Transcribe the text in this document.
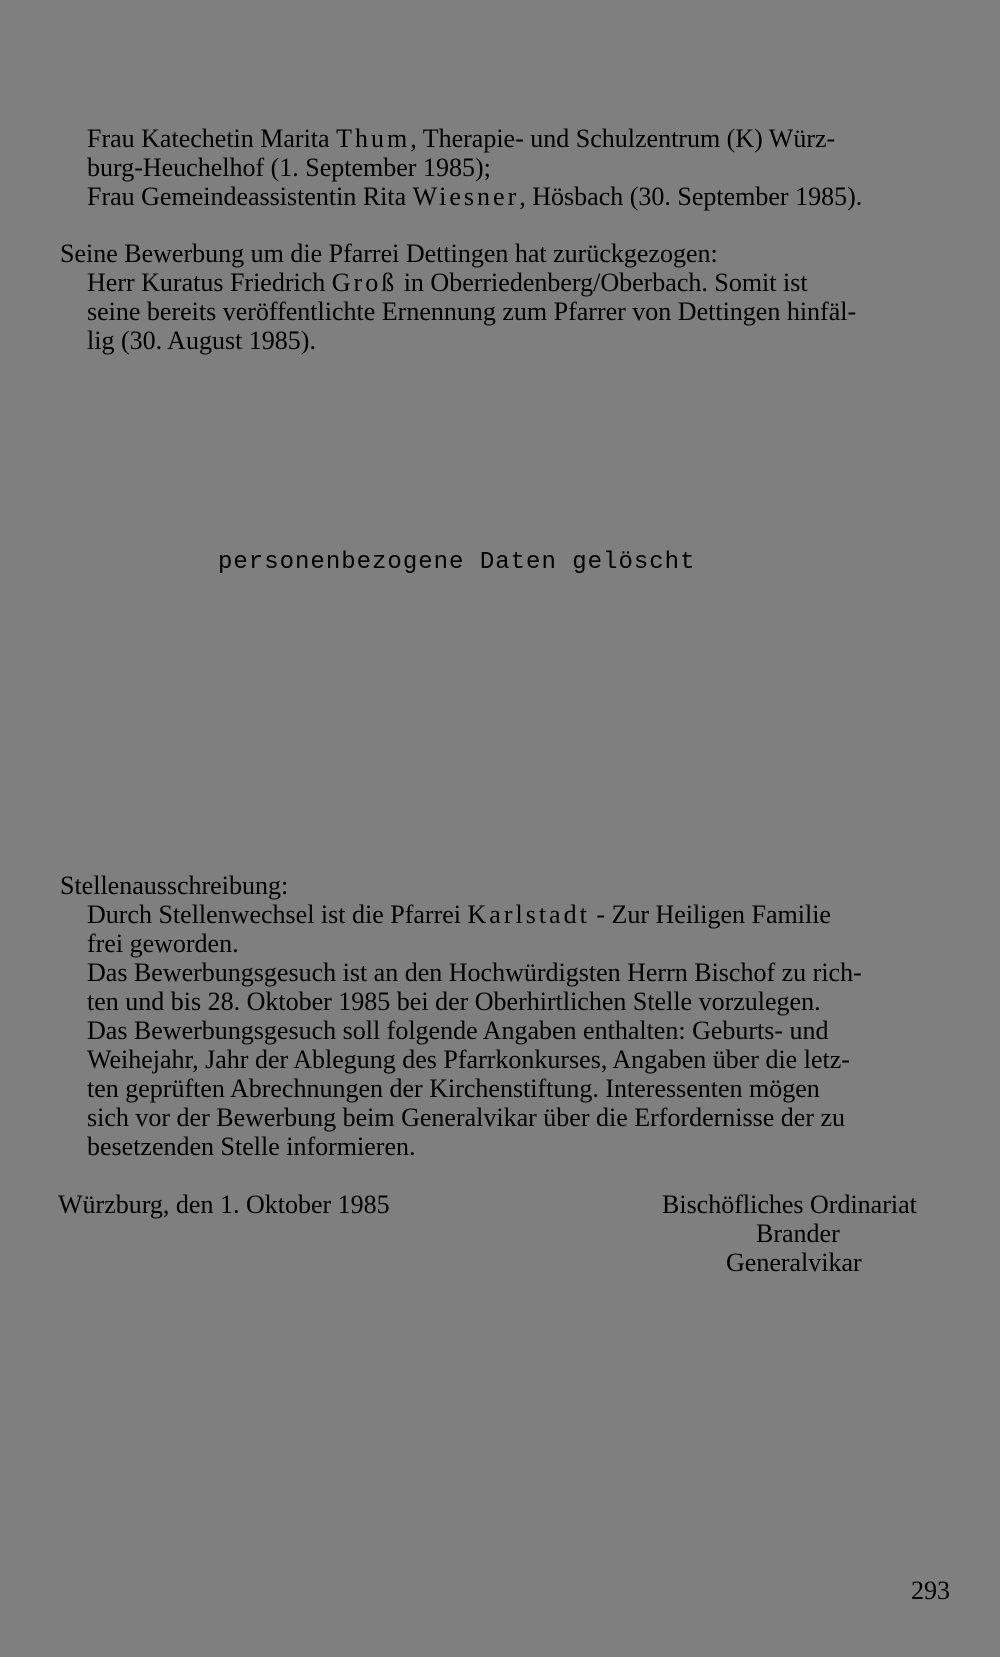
Frau Katechetin Marita Thum, Therapie- und Schulzentrum (K) Würz-
burg-Heuchelhof (1. September 1985);
Frau Gemeindeassistentin Rita Wiesner, Hösbach (30. September 1985).
Seine Bewerbung um die Pfarrei Dettingen hat zurückgezogen:
Herr Kuratus Friedrich Groß in Oberriedenberg/Oberbach. Somit ist
seine bereits veröffentlichte Ernennung zum Pfarrer von Dettingen hinfäl-
lig (30. August 1985).
personenbezogene Daten gelöscht
Stellenausschreibung:
Durch Stellenwechsel ist die Pfarrei Karlstadt - Zur Heiligen Familie
frei geworden.
Das Bewerbungsgesuch ist an den Hochwürdigsten Herrn Bischof zu rich-
ten und bis 28. Oktober 1985 bei der Oberhirtlichen Stelle vorzulegen.
Das Bewerbungsgesuch soll folgende Angaben enthalten: Geburts- und
Weihejahr, Jahr der Ablegung des Pfarrkonkurses, Angaben über die letz-
ten geprüften Abrechnungen der Kirchenstiftung. Interessenten mögen
sich vor der Bewerbung beim Generalvikar über die Erfordernisse der zu
besetzenden Stelle informieren.
Würzburg, den 1. Oktober 1985	Bischöfliches Ordinariat
Brander
Generalvikar
293
